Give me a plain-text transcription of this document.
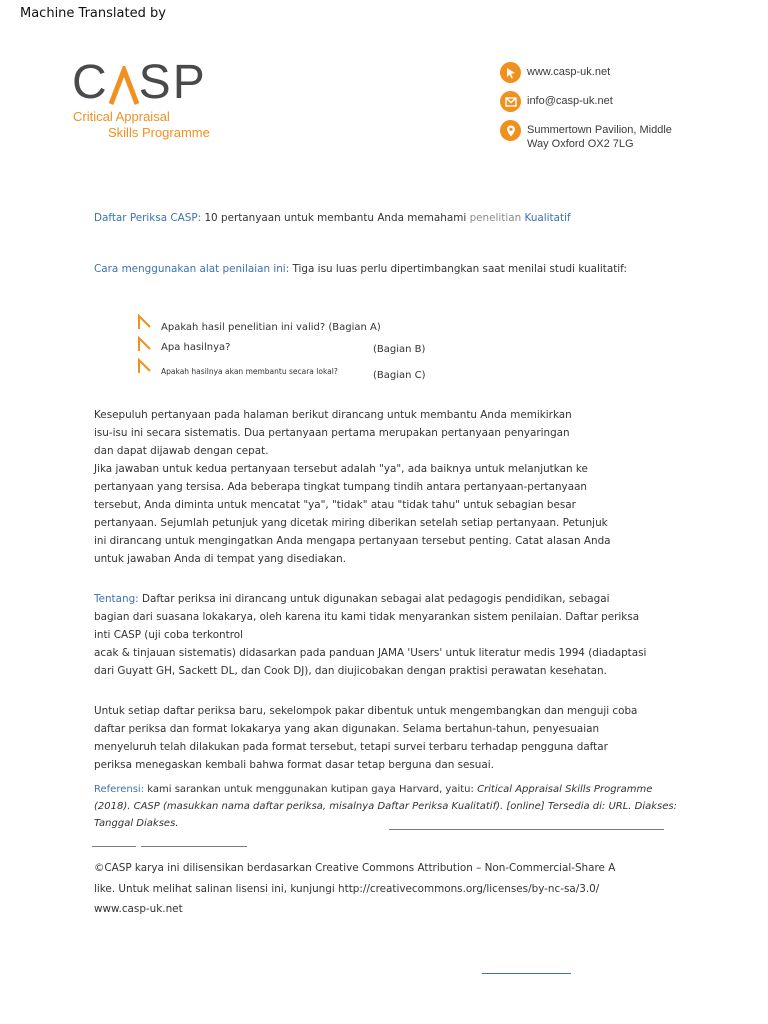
Machine Translated by
C SP
Critical Appraisal
Skills Programme
www.casp-uk.net
info@casp-uk.net
Summertown Pavilion, Middle
Way Oxford OX2 7LG
Daftar Periksa CASP: 10 pertanyaan untuk membantu Anda memahami penelitian Kualitatif
Cara menggunakan alat penilaian ini: Tiga isu luas perlu dipertimbangkan saat menilai studi kualitatif:
Apakah hasil penelitian ini valid? (Bagian A)
Apa hasilnya?	(Bagian B)
Apakah hasilnya akan membantu secara lokal?	(Bagian C)
Kesepuluh pertanyaan pada halaman berikut dirancang untuk membantu Anda memikirkan
isu-isu ini secara sistematis. Dua pertanyaan pertama merupakan pertanyaan penyaringan
dan dapat dijawab dengan cepat.
Jika jawaban untuk kedua pertanyaan tersebut adalah "ya", ada baiknya untuk melanjutkan ke
pertanyaan yang tersisa. Ada beberapa tingkat tumpang tindih antara pertanyaan-pertanyaan
tersebut, Anda diminta untuk mencatat "ya", "tidak" atau "tidak tahu" untuk sebagian besar
pertanyaan. Sejumlah petunjuk yang dicetak miring diberikan setelah setiap pertanyaan. Petunjuk
ini dirancang untuk mengingatkan Anda mengapa pertanyaan tersebut penting. Catat alasan Anda
untuk jawaban Anda di tempat yang disediakan.
Tentang: Daftar periksa ini dirancang untuk digunakan sebagai alat pedagogis pendidikan, sebagai
bagian dari suasana lokakarya, oleh karena itu kami tidak menyarankan sistem penilaian. Daftar periksa
inti CASP (uji coba terkontrol
acak & tinjauan sistematis) didasarkan pada panduan JAMA 'Users' untuk literatur medis 1994 (diadaptasi
dari Guyatt GH, Sackett DL, dan Cook DJ), dan diujicobakan dengan praktisi perawatan kesehatan.
Untuk setiap daftar periksa baru, sekelompok pakar dibentuk untuk mengembangkan dan menguji coba
daftar periksa dan format lokakarya yang akan digunakan. Selama bertahun-tahun, penyesuaian
menyeluruh telah dilakukan pada format tersebut, tetapi survei terbaru terhadap pengguna daftar
periksa menegaskan kembali bahwa format dasar tetap berguna dan sesuai.
Referensi: kami sarankan untuk menggunakan kutipan gaya Harvard, yaitu: Critical Appraisal Skills Programme
(2018). CASP (masukkan nama daftar periksa, misalnya Daftar Periksa Kualitatif). [online] Tersedia di: URL. Diakses:
Tanggal Diakses.
©CASP karya ini dilisensikan berdasarkan Creative Commons Attribution – Non-Commercial-Share A
like. Untuk melihat salinan lisensi ini, kunjungi http://creativecommons.org/licenses/by-nc-sa/3.0/
www.casp-uk.net
